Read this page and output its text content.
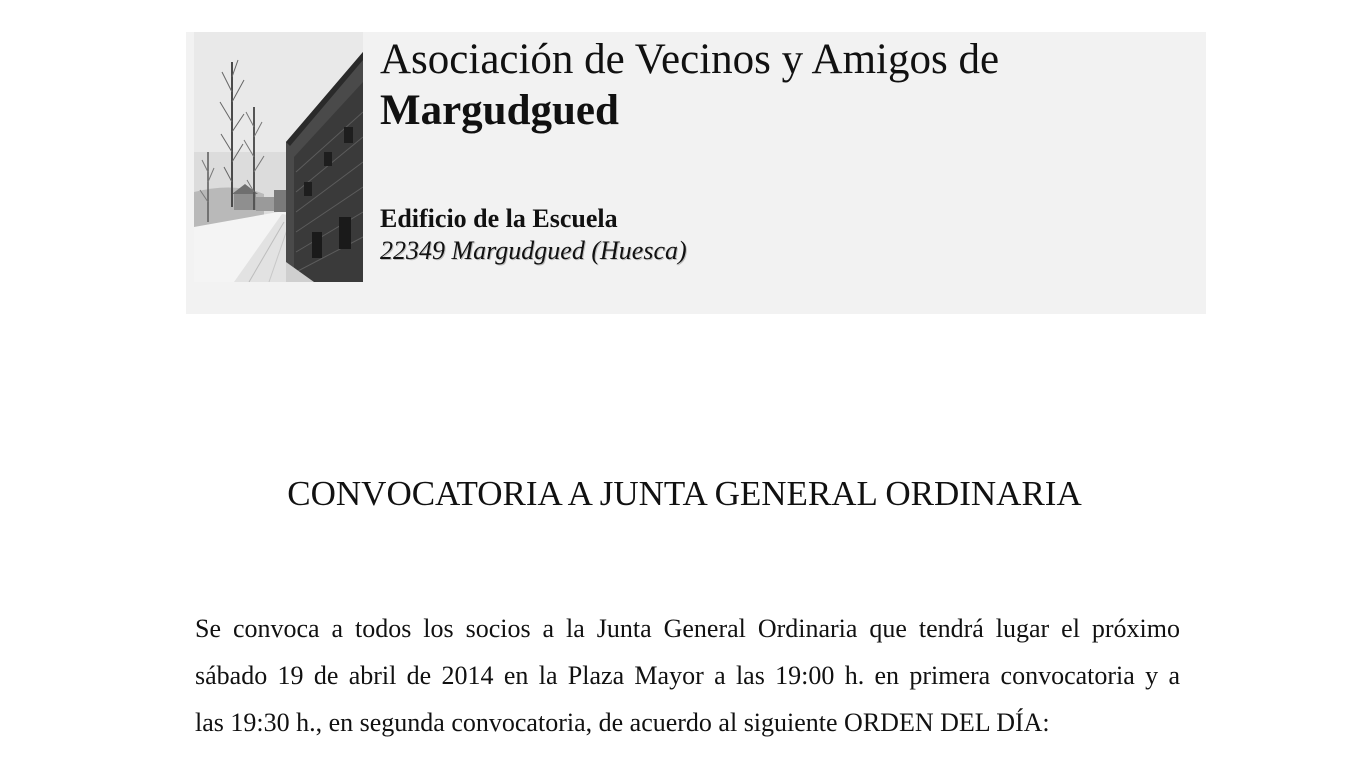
Asociación de Vecinos y Amigos de
Margudgued
Edificio de la Escuela
22349 Margudgued (Huesca)
CONVOCATORIA A JUNTA GENERAL ORDINARIA
Se convoca a todos los socios a la Junta General Ordinaria que tendrá lugar el próximo
sábado 19 de abril de 2014 en la Plaza Mayor a las 19:00 h. en primera convocatoria y a
las 19:30 h., en segunda convocatoria, de acuerdo al siguiente ORDEN DEL DÍA:
